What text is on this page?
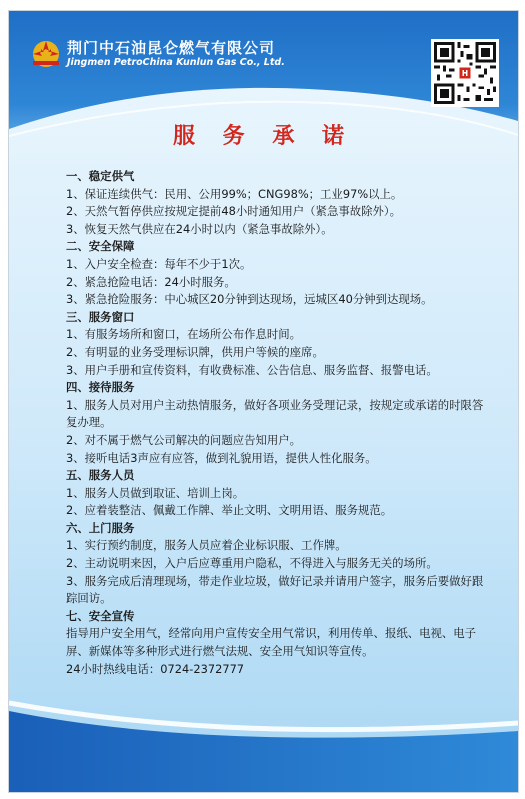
荆门中石油昆仑燃气有限公司
Jingmen PetroChina Kunlun Gas Co., Ltd.
服 务 承 诺
一、稳定供气
1、保证连续供气：民用、公用99%；CNG98%；工业97%以上。
2、天然气暂停供应按规定提前48小时通知用户（紧急事故除外）。
3、恢复天然气供应在24小时以内（紧急事故除外）。
二、安全保障
1、入户安全检查：每年不少于1次。
2、紧急抢险电话：24小时服务。
3、紧急抢险服务：中心城区20分钟到达现场，远城区40分钟到达现场。
三、服务窗口
1、有服务场所和窗口，在场所公布作息时间。
2、有明显的业务受理标识牌，供用户等候的座席。
3、用户手册和宣传资料，有收费标准、公告信息、服务监督、报警电话。
四、接待服务
1、服务人员对用户主动热情服务，做好各项业务受理记录，按规定或承诺的时限答复办理。
2、对不属于燃气公司解决的问题应告知用户。
3、接听电话3声应有应答，做到礼貌用语，提供人性化服务。
五、服务人员
1、服务人员做到取证、培训上岗。
2、应着装整洁、佩戴工作牌、举止文明、文明用语、服务规范。
六、上门服务
1、实行预约制度，服务人员应着企业标识服、工作牌。
2、主动说明来因，入户后应尊重用户隐私，不得进入与服务无关的场所。
3、服务完成后清理现场，带走作业垃圾，做好记录并请用户签字，服务后要做好跟踪回访。
七、安全宣传
指导用户安全用气，经常向用户宣传安全用气常识，利用传单、报纸、电视、电子屏、新媒体等多种形式进行燃气法规、安全用气知识等宣传。
24小时热线电话：0724-2372777
